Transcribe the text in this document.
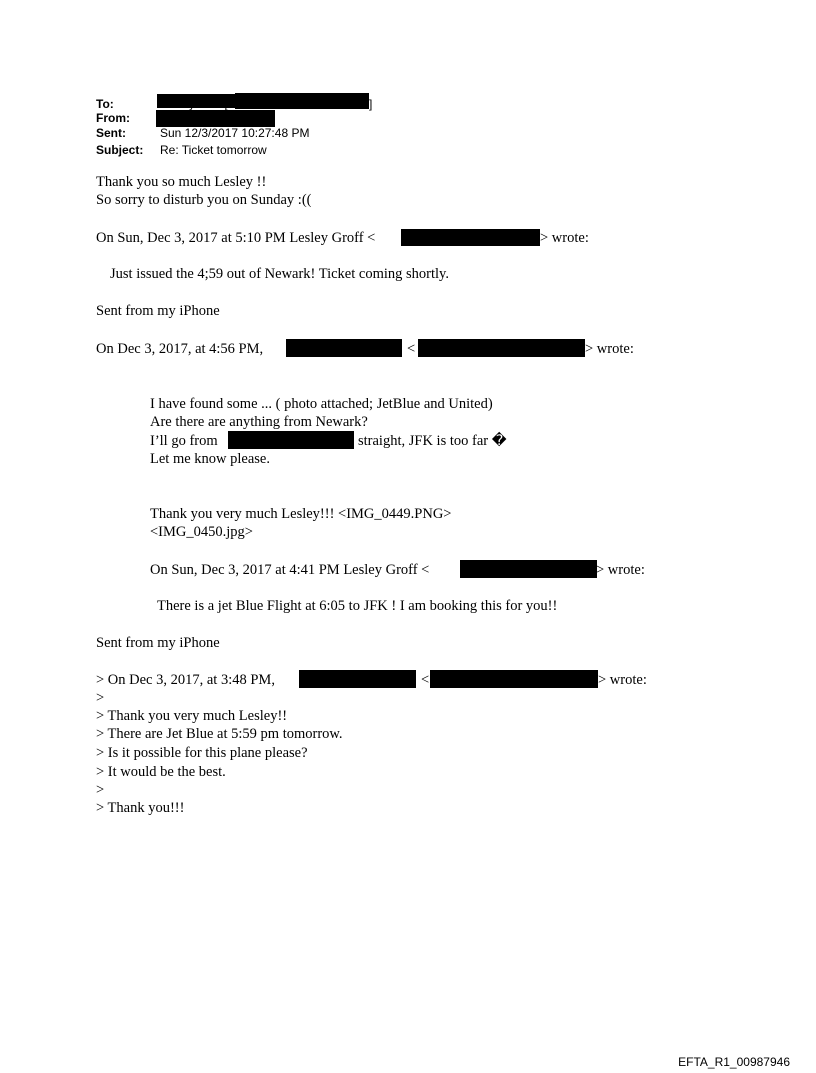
To:	]
From:
Sent:	Sun 12/3/2017 10:27:48 PM
Subject: Re: Ticket tomorrow
Thank you so much Lesley !!
So sorry to disturb you on Sunday :((
On Sun, Dec 3, 2017 at 5:10 PM Lesley Groff <	> wrote:
Just issued the 4;59 out of Newark! Ticket coming shortly.
Sent from my iPhone
On Dec 3, 2017, at 4:56 PM,	<	> wrote:
I have found some ... ( photo attached; JetBlue and United)
Are there are anything from Newark?
I’ll go from	straight, JFK is too far �
Let me know please.
Thank you very much Lesley!!! <IMG_0449.PNG>
<IMG_0450.jpg>
On Sun, Dec 3, 2017 at 4:41 PM Lesley Groff <	> wrote:
There is a jet Blue Flight at 6:05 to JFK ! I am booking this for you!!
Sent from my iPhone
> On Dec 3, 2017, at 3:48 PM,	<	> wrote:
>
> Thank you very much Lesley!!
> There are Jet Blue at 5:59 pm tomorrow.
> Is it possible for this plane please?
> It would be the best.
>
> Thank you!!!
EFTA_R1_00987946
